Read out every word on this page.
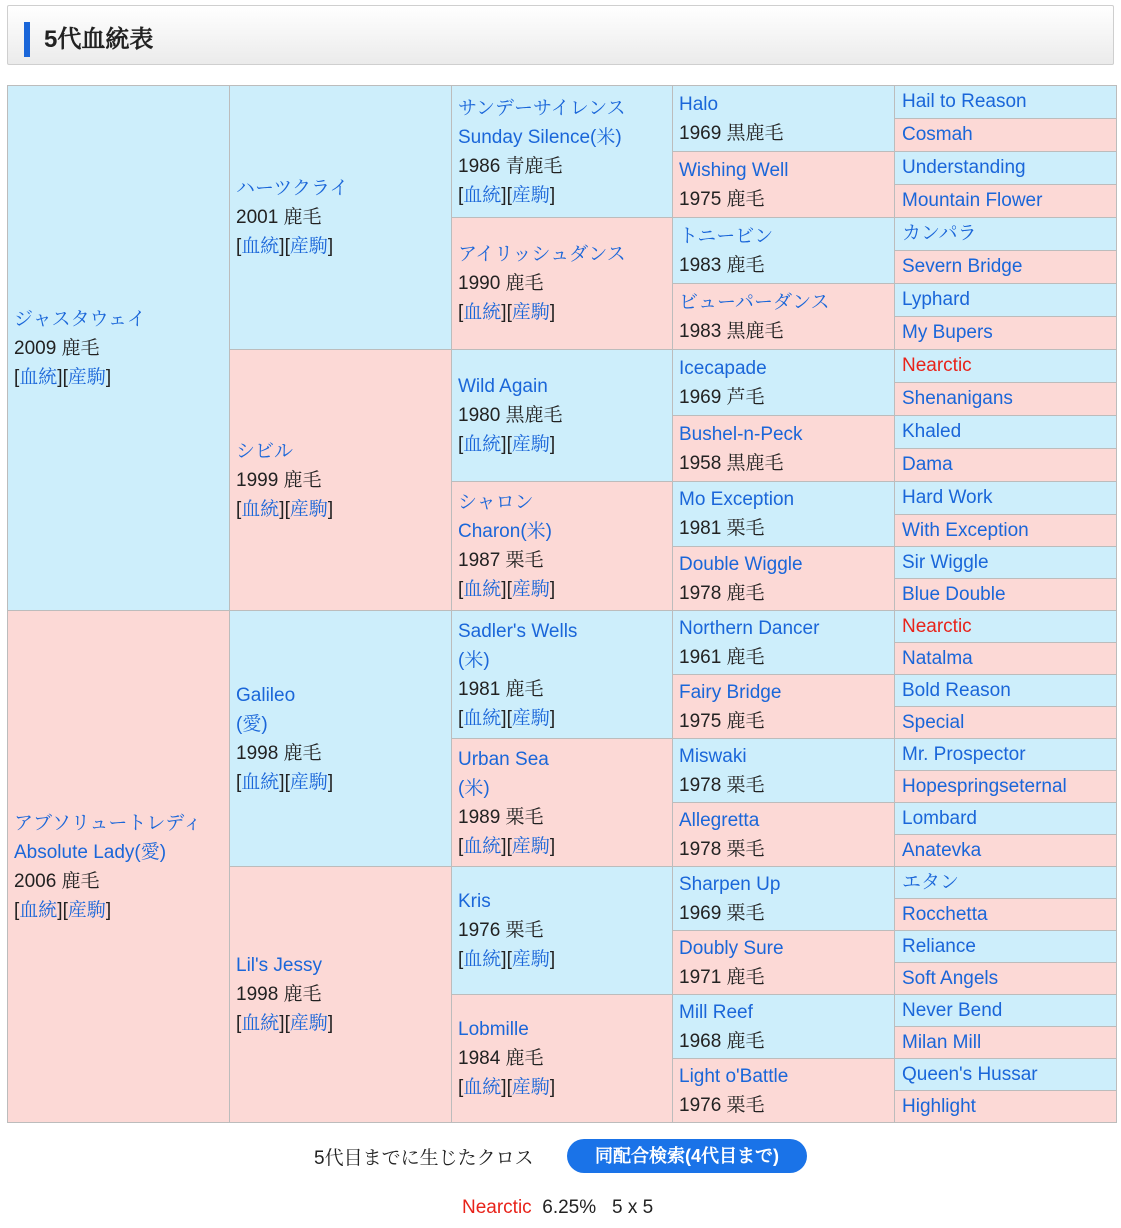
5代血統表
ジャスタウェイ
2009 鹿毛
[血統][産駒]	ハーツクライ
2001 鹿毛
[血統][産駒]	サンデーサイレンス
Sunday Silence(米)
1986 青鹿毛
[血統][産駒]	Halo
1969 黒鹿毛	Hail to Reason

				Cosmah

			Wishing Well
1975 鹿毛	Understanding

				Mountain Flower

		アイリッシュダンス
1990 鹿毛
[血統][産駒]	トニービン
1983 鹿毛	カンパラ

				Severn Bridge

			ビューパーダンス
1983 黒鹿毛	Lyphard

				My Bupers

	シビル
1999 鹿毛
[血統][産駒]	Wild Again
1980 黒鹿毛
[血統][産駒]	Icecapade
1969 芦毛	Nearctic

				Shenanigans

			Bushel-n-Peck
1958 黒鹿毛	Khaled

				Dama

		シャロン
Charon(米)
1987 栗毛
[血統][産駒]	Mo Exception
1981 栗毛	Hard Work

				With Exception

			Double Wiggle
1978 鹿毛	Sir Wiggle

				Blue Double

アブソリュートレディ
Absolute Lady(愛)
2006 鹿毛
[血統][産駒]	Galileo
(愛)
1998 鹿毛
[血統][産駒]	Sadler's Wells
(米)
1981 鹿毛
[血統][産駒]	Northern Dancer
1961 鹿毛	Nearctic

				Natalma

			Fairy Bridge
1975 鹿毛	Bold Reason

				Special

		Urban Sea
(米)
1989 栗毛
[血統][産駒]	Miswaki
1978 栗毛	Mr. Prospector

				Hopespringseternal

			Allegretta
1978 栗毛	Lombard

				Anatevka

	Lil's Jessy
1998 鹿毛
[血統][産駒]	Kris
1976 栗毛
[血統][産駒]	Sharpen Up
1969 栗毛	エタン

				Rocchetta

			Doubly Sure
1971 鹿毛	Reliance

				Soft Angels

		Lobmille
1984 鹿毛
[血統][産駒]	Mill Reef
1968 鹿毛	Never Bend

				Milan Mill

			Light o'Battle
1976 栗毛	Queen's Hussar

				Highlight
5代目までに生じたクロス	同配合検索(4代目まで)
Nearctic 6.25% 5 x 5
